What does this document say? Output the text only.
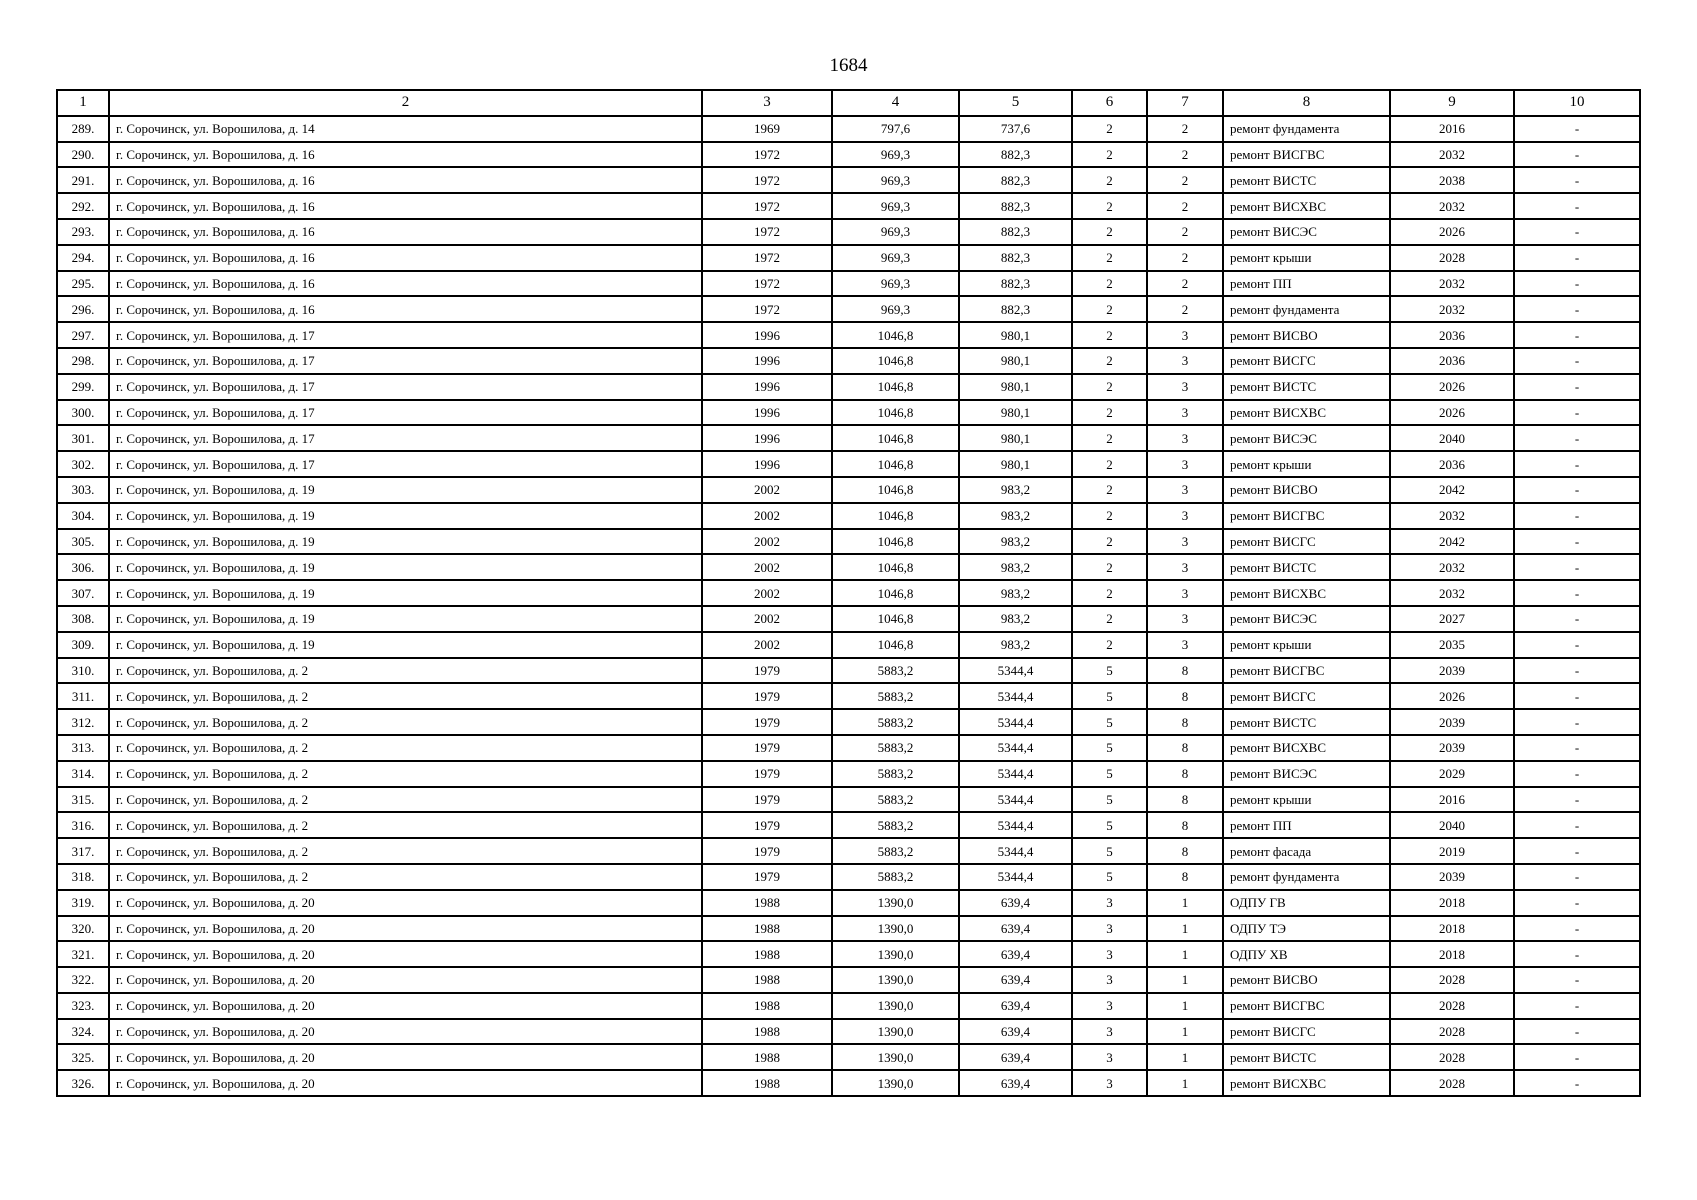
1684
1	2	3	4	5	6	7	8	9	10
289.	г. Сорочинск, ул. Ворошилова, д. 14	1969	797,6	737,6	2	2	ремонт фундамента	2016	-
290.	г. Сорочинск, ул. Ворошилова, д. 16	1972	969,3	882,3	2	2	ремонт ВИСГВС	2032	-
291.	г. Сорочинск, ул. Ворошилова, д. 16	1972	969,3	882,3	2	2	ремонт ВИСТС	2038	-
292.	г. Сорочинск, ул. Ворошилова, д. 16	1972	969,3	882,3	2	2	ремонт ВИСХВС	2032	-
293.	г. Сорочинск, ул. Ворошилова, д. 16	1972	969,3	882,3	2	2	ремонт ВИСЭС	2026	-
294.	г. Сорочинск, ул. Ворошилова, д. 16	1972	969,3	882,3	2	2	ремонт крыши	2028	-
295.	г. Сорочинск, ул. Ворошилова, д. 16	1972	969,3	882,3	2	2	ремонт ПП	2032	-
296.	г. Сорочинск, ул. Ворошилова, д. 16	1972	969,3	882,3	2	2	ремонт фундамента	2032	-
297.	г. Сорочинск, ул. Ворошилова, д. 17	1996	1046,8	980,1	2	3	ремонт ВИСВО	2036	-
298.	г. Сорочинск, ул. Ворошилова, д. 17	1996	1046,8	980,1	2	3	ремонт ВИСГС	2036	-
299.	г. Сорочинск, ул. Ворошилова, д. 17	1996	1046,8	980,1	2	3	ремонт ВИСТС	2026	-
300.	г. Сорочинск, ул. Ворошилова, д. 17	1996	1046,8	980,1	2	3	ремонт ВИСХВС	2026	-
301.	г. Сорочинск, ул. Ворошилова, д. 17	1996	1046,8	980,1	2	3	ремонт ВИСЭС	2040	-
302.	г. Сорочинск, ул. Ворошилова, д. 17	1996	1046,8	980,1	2	3	ремонт крыши	2036	-
303.	г. Сорочинск, ул. Ворошилова, д. 19	2002	1046,8	983,2	2	3	ремонт ВИСВО	2042	-
304.	г. Сорочинск, ул. Ворошилова, д. 19	2002	1046,8	983,2	2	3	ремонт ВИСГВС	2032	-
305.	г. Сорочинск, ул. Ворошилова, д. 19	2002	1046,8	983,2	2	3	ремонт ВИСГС	2042	-
306.	г. Сорочинск, ул. Ворошилова, д. 19	2002	1046,8	983,2	2	3	ремонт ВИСТС	2032	-
307.	г. Сорочинск, ул. Ворошилова, д. 19	2002	1046,8	983,2	2	3	ремонт ВИСХВС	2032	-
308.	г. Сорочинск, ул. Ворошилова, д. 19	2002	1046,8	983,2	2	3	ремонт ВИСЭС	2027	-
309.	г. Сорочинск, ул. Ворошилова, д. 19	2002	1046,8	983,2	2	3	ремонт крыши	2035	-
310.	г. Сорочинск, ул. Ворошилова, д. 2	1979	5883,2	5344,4	5	8	ремонт ВИСГВС	2039	-
311.	г. Сорочинск, ул. Ворошилова, д. 2	1979	5883,2	5344,4	5	8	ремонт ВИСГС	2026	-
312.	г. Сорочинск, ул. Ворошилова, д. 2	1979	5883,2	5344,4	5	8	ремонт ВИСТС	2039	-
313.	г. Сорочинск, ул. Ворошилова, д. 2	1979	5883,2	5344,4	5	8	ремонт ВИСХВС	2039	-
314.	г. Сорочинск, ул. Ворошилова, д. 2	1979	5883,2	5344,4	5	8	ремонт ВИСЭС	2029	-
315.	г. Сорочинск, ул. Ворошилова, д. 2	1979	5883,2	5344,4	5	8	ремонт крыши	2016	-
316.	г. Сорочинск, ул. Ворошилова, д. 2	1979	5883,2	5344,4	5	8	ремонт ПП	2040	-
317.	г. Сорочинск, ул. Ворошилова, д. 2	1979	5883,2	5344,4	5	8	ремонт фасада	2019	-
318.	г. Сорочинск, ул. Ворошилова, д. 2	1979	5883,2	5344,4	5	8	ремонт фундамента	2039	-
319.	г. Сорочинск, ул. Ворошилова, д. 20	1988	1390,0	639,4	3	1	ОДПУ ГВ	2018	-
320.	г. Сорочинск, ул. Ворошилова, д. 20	1988	1390,0	639,4	3	1	ОДПУ ТЭ	2018	-
321.	г. Сорочинск, ул. Ворошилова, д. 20	1988	1390,0	639,4	3	1	ОДПУ ХВ	2018	-
322.	г. Сорочинск, ул. Ворошилова, д. 20	1988	1390,0	639,4	3	1	ремонт ВИСВО	2028	-
323.	г. Сорочинск, ул. Ворошилова, д. 20	1988	1390,0	639,4	3	1	ремонт ВИСГВС	2028	-
324.	г. Сорочинск, ул. Ворошилова, д. 20	1988	1390,0	639,4	3	1	ремонт ВИСГС	2028	-
325.	г. Сорочинск, ул. Ворошилова, д. 20	1988	1390,0	639,4	3	1	ремонт ВИСТС	2028	-
326.	г. Сорочинск, ул. Ворошилова, д. 20	1988	1390,0	639,4	3	1	ремонт ВИСХВС	2028	-
